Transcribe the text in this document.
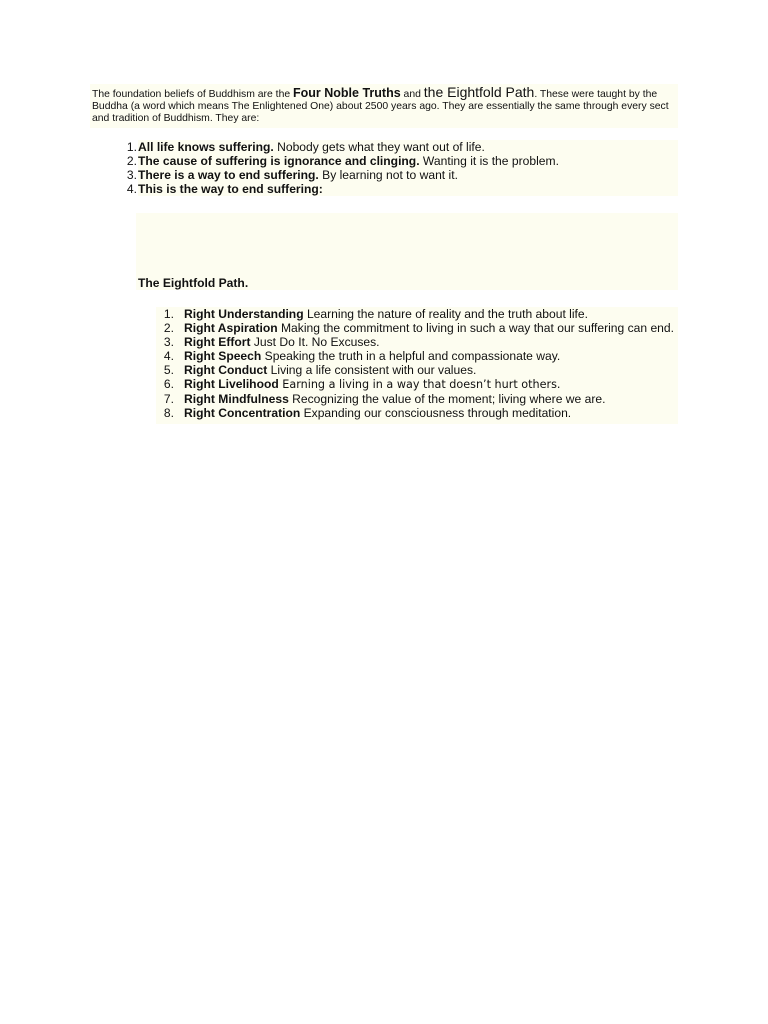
The foundation beliefs of Buddhism are the Four Noble Truths and the Eightfold Path. These were taught by the Buddha (a word which means The Enlightened One) about 2500 years ago. They are essentially the same through every sect and tradition of Buddhism. They are:
1. All life knows suffering. Nobody gets what they want out of life.
2. The cause of suffering is ignorance and clinging. Wanting it is the problem.
3. There is a way to end suffering. By learning not to want it.
4. This is the way to end suffering:
The Eightfold Path.
1. Right Understanding Learning the nature of reality and the truth about life.
2. Right Aspiration Making the commitment to living in such a way that our suffering can end.
3. Right Effort Just Do It. No Excuses.
4. Right Speech Speaking the truth in a helpful and compassionate way.
5. Right Conduct Living a life consistent with our values.
6. Right Livelihood Earning a living in a way that doesn’t hurt others.
7. Right Mindfulness Recognizing the value of the moment; living where we are.
8. Right Concentration Expanding our consciousness through meditation.
